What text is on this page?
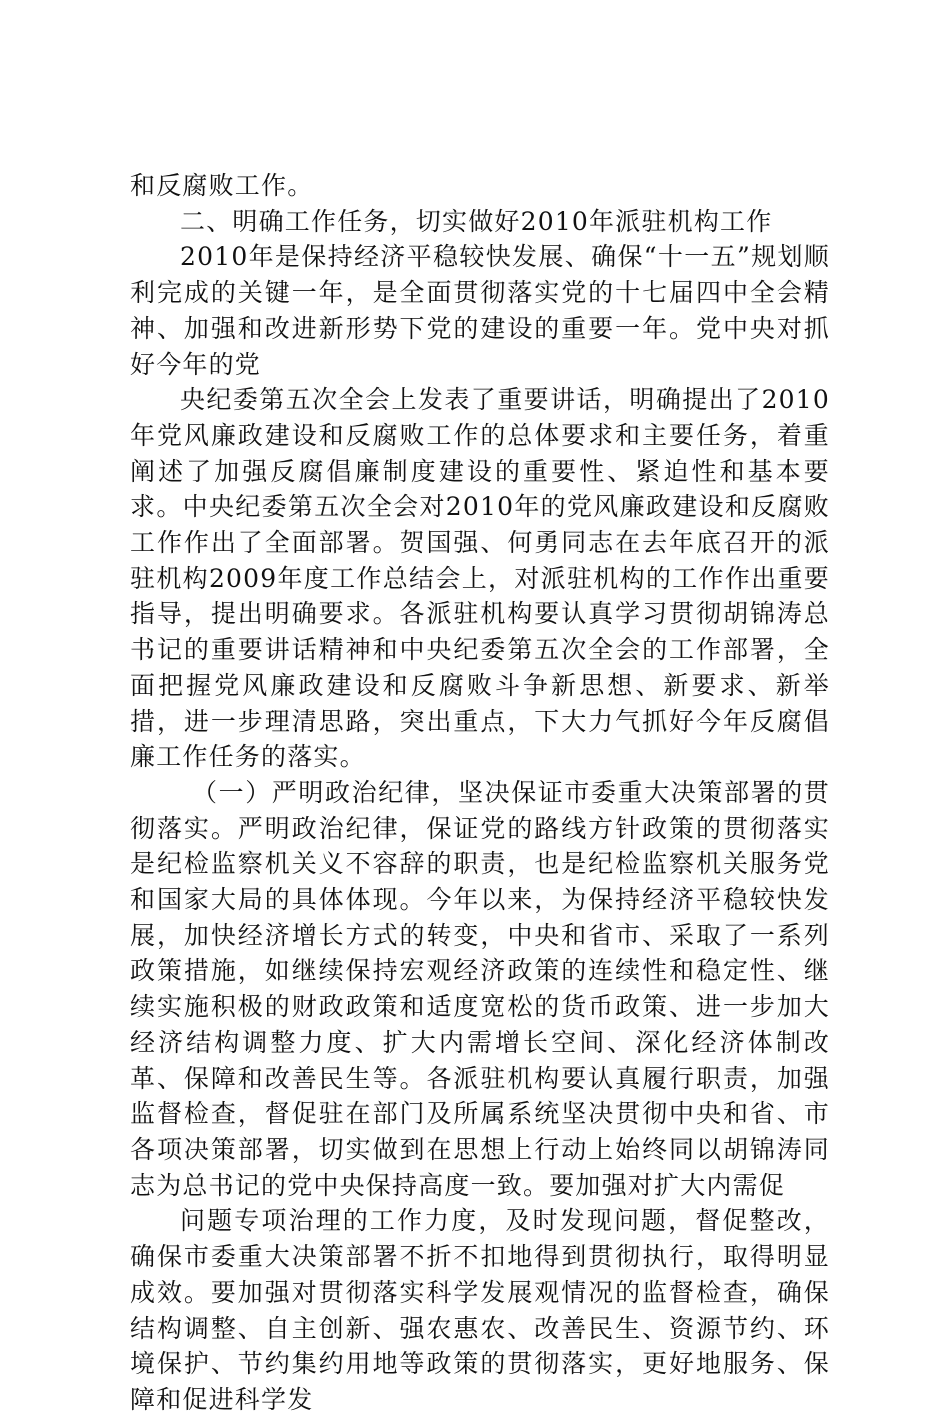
和反腐败工作。

二、明确工作任务，切实做好2010年派驻机构工作

2010年是保持经济平稳较快发展、确保“十一五”规划顺利完成的关键一年，是全面贯彻落实党的十七届四中全会精神、加强和改进新形势下党的建设的重要一年。党中央对抓好今年的党

央纪委第五次全会上发表了重要讲话，明确提出了2010年党风廉政建设和反腐败工作的总体要求和主要任务，着重阐述了加强反腐倡廉制度建设的重要性、紧迫性和基本要求。中央纪委第五次全会对2010年的党风廉政建设和反腐败工作作出了全面部署。贺国强、何勇同志在去年底召开的派驻机构2009年度工作总结会上，对派驻机构的工作作出重要指导，提出明确要求。各派驻机构要认真学习贯彻胡锦涛总书记的重要讲话精神和中央纪委第五次全会的工作部署，全面把握党风廉政建设和反腐败斗争新思想、新要求、新举措，进一步理清思路，突出重点，下大力气抓好今年反腐倡廉工作任务的落实。

（一）严明政治纪律，坚决保证市委重大决策部署的贯彻落实。严明政治纪律，保证党的路线方针政策的贯彻落实是纪检监察机关义不容辞的职责，也是纪检监察机关服务党和国家大局的具体体现。今年以来，为保持经济平稳较快发展，加快经济增长方式的转变，中央和省市、采取了一系列政策措施，如继续保持宏观经济政策的连续性和稳定性、继续实施积极的财政政策和适度宽松的货币政策、进一步加大经济结构调整力度、扩大内需增长空间、深化经济体制改革、保障和改善民生等。各派驻机构要认真履行职责，加强监督检查，督促驻在部门及所属系统坚决贯彻中央和省、市各项决策部署，切实做到在思想上行动上始终同以胡锦涛同志为总书记的党中央保持高度一致。要加强对扩大内需促

问题专项治理的工作力度，及时发现问题，督促整改，确保市委重大决策部署不折不扣地得到贯彻执行，取得明显成效。要加强对贯彻落实科学发展观情况的监督检查，确保结构调整、自主创新、强农惠农、改善民生、资源节约、环境保护、节约集约用地等政策的贯彻落实，更好地服务、保障和促进科学发
